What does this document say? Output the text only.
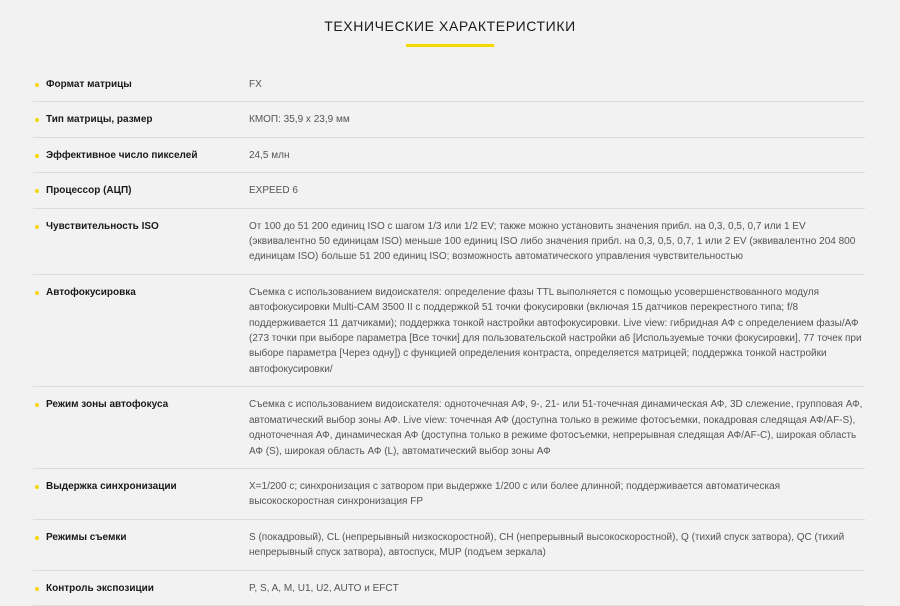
ТЕХНИЧЕСКИЕ ХАРАКТЕРИСТИКИ
Формат матрицы	FX
Тип матрицы, размер	КМОП: 35,9 x 23,9 мм
Эффективное число пикселей	24,5 млн
Процессор (АЦП)	EXPEED 6
Чувствительность ISO	От 100 до 51 200 единиц ISO с шагом 1/3 или 1/2 EV; также можно установить значения прибл. на 0,3, 0,5, 0,7 или 1 EV (эквивалентно 50 единицам ISO) меньше 100 единиц ISO либо значения прибл. на 0,3, 0,5, 0,7, 1 или 2 EV (эквивалентно 204 800 единицам ISO) больше 51 200 единиц ISO; возможность автоматического управления чувствительностью
Автофокусировка	Съемка с использованием видоискателя: определение фазы TTL выполняется с помощью усовершенствованного модуля автофокусировки Multi-CAM 3500 II с поддержкой 51 точки фокусировки (включая 15 датчиков перекрестного типа; f/8 поддерживается 11 датчиками); поддержка тонкой настройки автофокусировки. Live view: гибридная АФ с определением фазы/АФ (273 точки при выборе параметра [Все точки] для пользовательской настройки a6 [Используемые точки фокусировки], 77 точек при выборе параметра [Через одну]) с функцией определения контраста, определяется матрицей; поддержка тонкой настройки автофокусировки/
Режим зоны автофокуса	Съемка с использованием видоискателя: одноточечная АФ, 9-, 21- или 51-точечная динамическая АФ, 3D слежение, групповая АФ, автоматический выбор зоны АФ. Live view: точечная АФ (доступна только в режиме фотосъемки, покадровая следящая АФ/AF-S), одноточечная АФ, динамическая АФ (доступна только в режиме фотосъемки, непрерывная следящая АФ/AF-C), широкая область АФ (S), широкая область АФ (L), автоматический выбор зоны АФ
Выдержка синхронизации	X=1/200 с; синхронизация с затвором при выдержке 1/200 с или более длинной; поддерживается автоматическая высокоскоростная синхронизация FP
Режимы съемки	S (покадровый), CL (непрерывный низкоскоростной), CH (непрерывный высокоскоростной), Q (тихий спуск затвора), QC (тихий непрерывный спуск затвора), автоспуск, MUP (подъем зеркала)
Контроль экспозиции	P, S, A, M, U1, U2, AUTO и EFCT
